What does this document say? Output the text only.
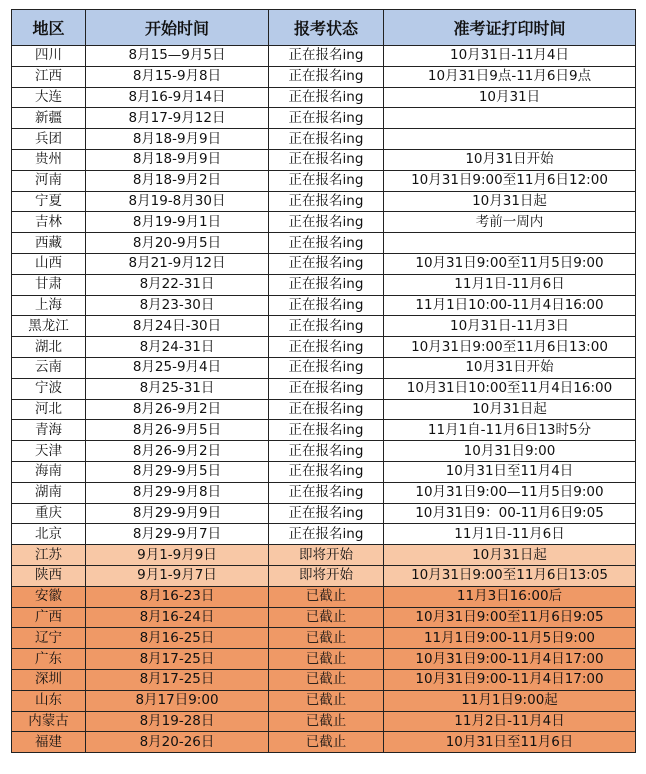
地区	开始时间	报考状态	准考证打印时间
四川	8月15—9月5日	正在报名ing	10月31日-11月4日
江西	8月15-9月8日	正在报名ing	10月31日9点-11月6日9点
大连	8月16-9月14日	正在报名ing	10月31日
新疆	8月17-9月12日	正在报名ing	
兵团	8月18-9月9日	正在报名ing	
贵州	8月18-9月9日	正在报名ing	10月31日开始
河南	8月18-9月2日	正在报名ing	10月31日9:00至11月6日12:00
宁夏	8月19-8月30日	正在报名ing	10月31日起
吉林	8月19-9月1日	正在报名ing	考前一周内
西藏	8月20-9月5日	正在报名ing	
山西	8月21-9月12日	正在报名ing	10月31日9:00至11月5日9:00
甘肃	8月22-31日	正在报名ing	11月1日-11月6日
上海	8月23-30日	正在报名ing	11月1日10:00-11月4日16:00
黑龙江	8月24日-30日	正在报名ing	10月31日-11月3日
湖北	8月24-31日	正在报名ing	10月31日9:00至11月6日13:00
云南	8月25-9月4日	正在报名ing	10月31日开始
宁波	8月25-31日	正在报名ing	10月31日10:00至11月4日16:00
河北	8月26-9月2日	正在报名ing	10月31日起
青海	8月26-9月5日	正在报名ing	11月1自-11月6日13时5分
天津	8月26-9月2日	正在报名ing	10月31日9:00
海南	8月29-9月5日	正在报名ing	10月31日至11月4日
湖南	8月29-9月8日	正在报名ing	10月31日9:00—11月5日9:00
重庆	8月29-9月9日	正在报名ing	10月31日9：00-11月6日9:05
北京	8月29-9月7日	正在报名ing	11月1日-11月6日
江苏	9月1-9月9日	即将开始	10月31日起
陕西	9月1-9月7日	即将开始	10月31日9:00至11月6日13:05
安徽	8月16-23日	已截止	11月3日16:00后
广西	8月16-24日	已截止	10月31日9:00至11月6日9:05
辽宁	8月16-25日	已截止	11月1日9:00-11月5日9:00
广东	8月17-25日	已截止	10月31日9:00-11月4日17:00
深圳	8月17-25日	已截止	10月31日9:00-11月4日17:00
山东	8月17日9:00	已截止	11月1日9:00起
内蒙古	8月19-28日	已截止	11月2日-11月4日
福建	8月20-26日	已截止	10月31日至11月6日
